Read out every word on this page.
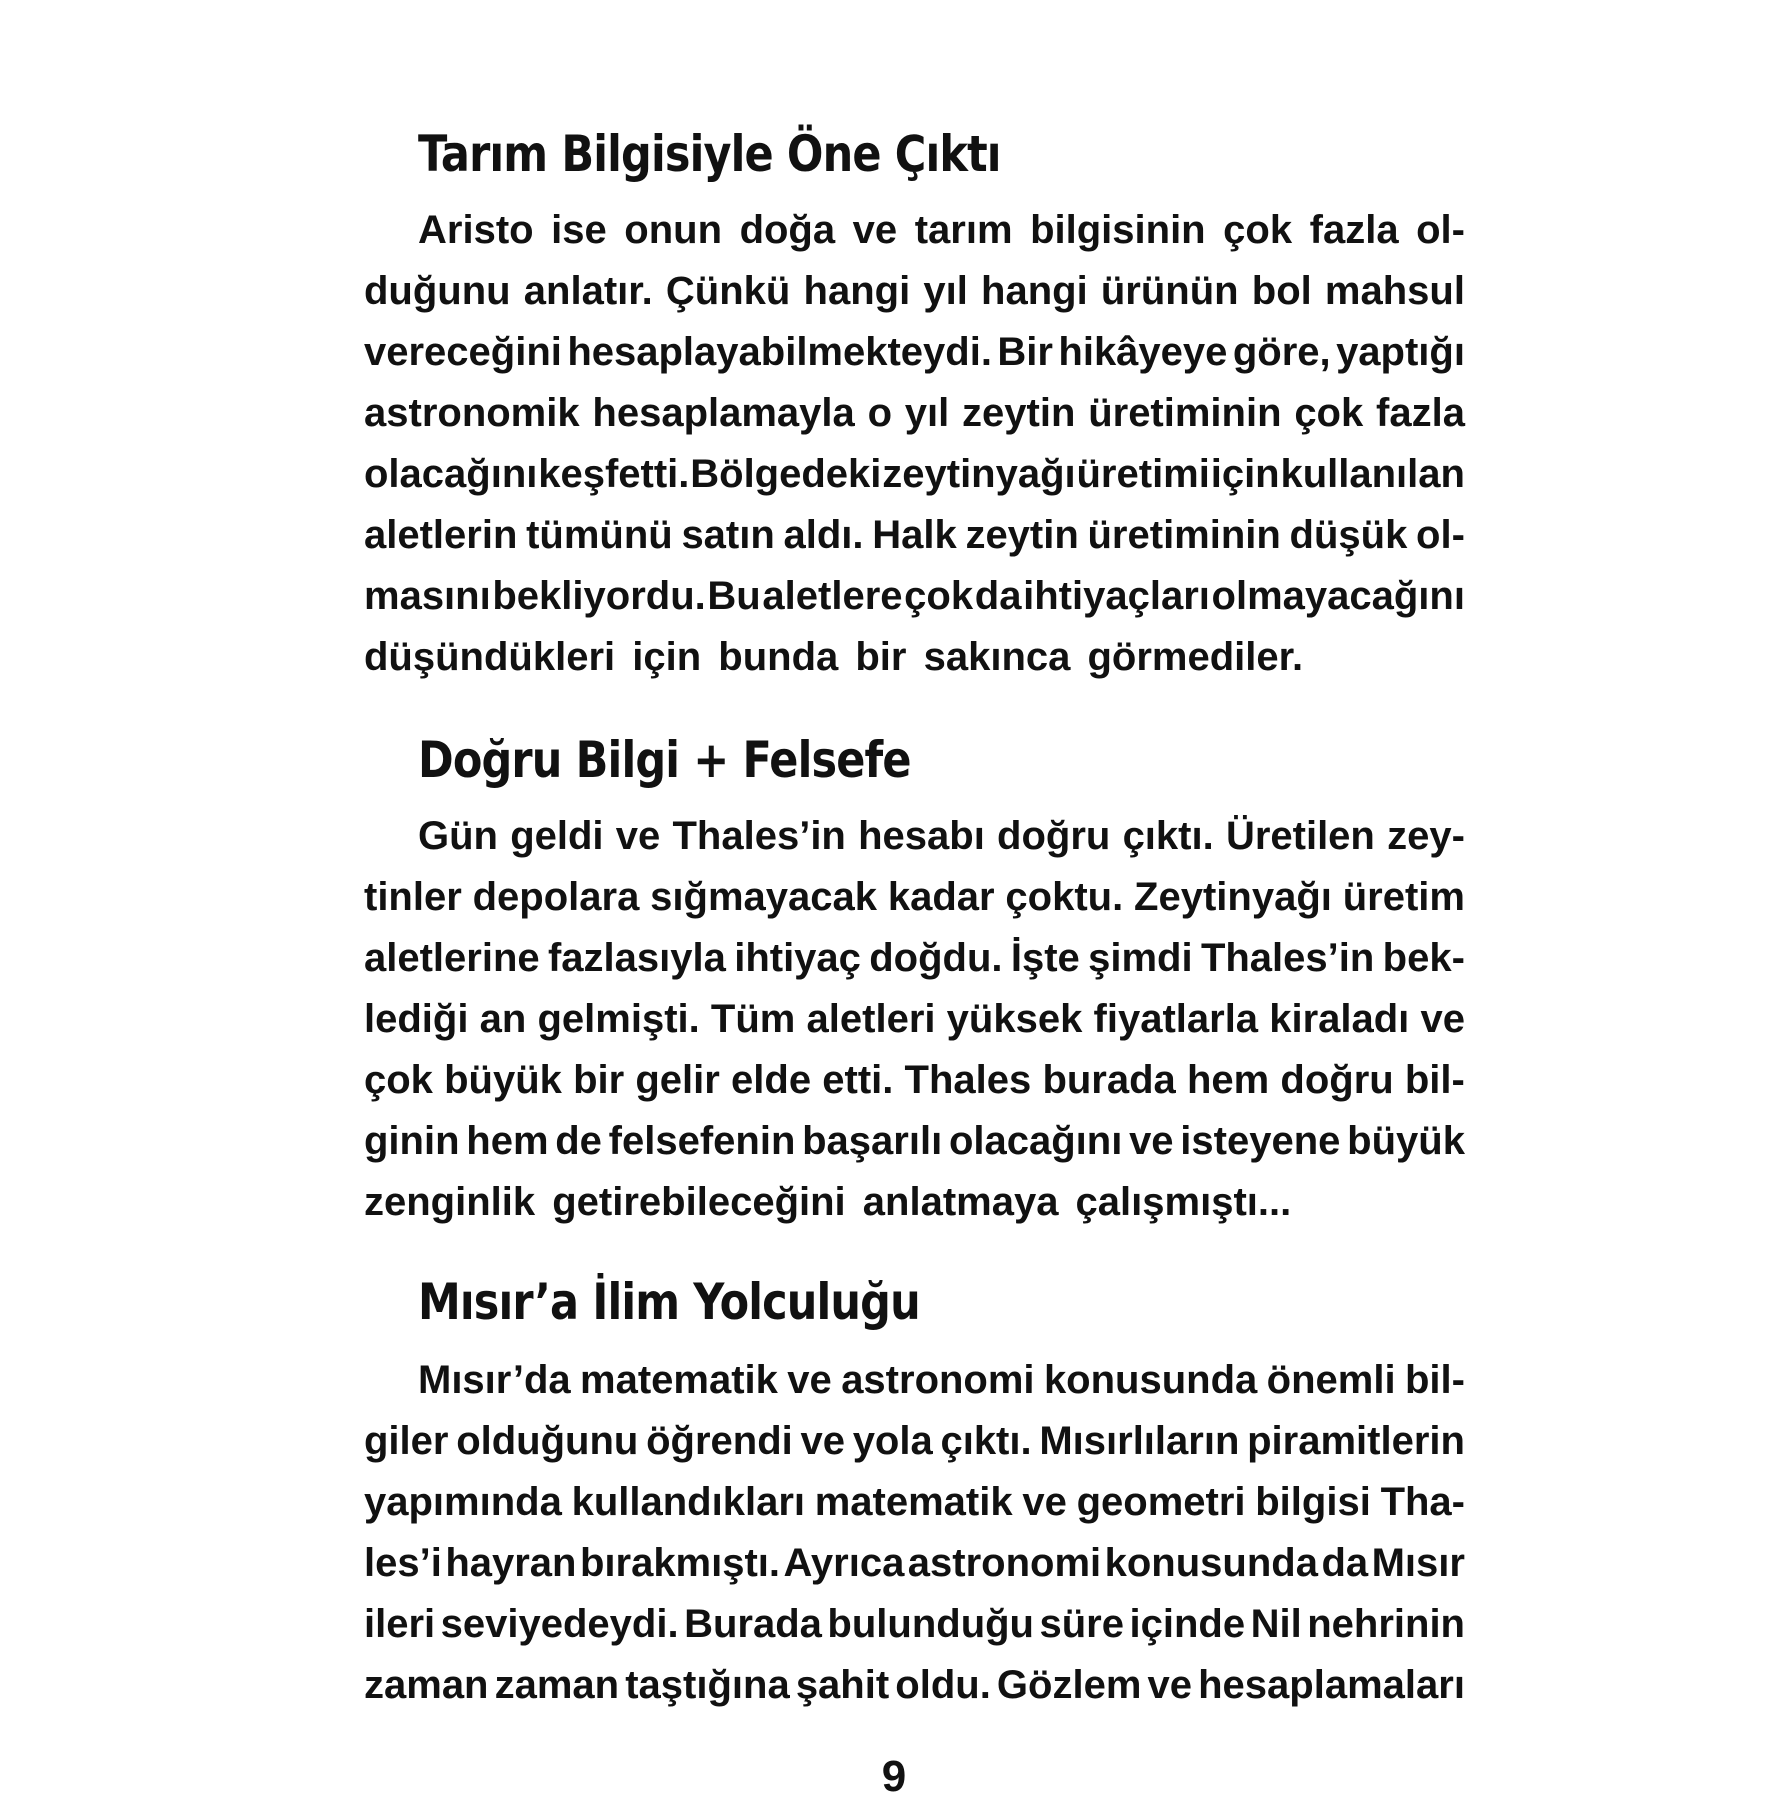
Tarım Bilgisiyle Öne Çıktı
Aristo ise onun doğa ve tarım bilgisinin çok fazla ol-
duğunu anlatır. Çünkü hangi yıl hangi ürünün bol mahsul
vereceğini hesaplayabilmekteydi. Bir hikâyeye göre, yaptığı
astronomik hesaplamayla o yıl zeytin üretiminin çok fazla
olacağını keşfetti. Bölgedeki zeytinyağı üretimi için kullanılan
aletlerin tümünü satın aldı. Halk zeytin üretiminin düşük ol-
masını bekliyordu. Bu aletlere çok da ihtiyaçları olmayacağını
düşündükleri için bunda bir sakınca görmediler.
Doğru Bilgi + Felsefe
Gün geldi ve Thales’in hesabı doğru çıktı. Üretilen zey-
tinler depolara sığmayacak kadar çoktu. Zeytinyağı üretim
aletlerine fazlasıyla ihtiyaç doğdu. İşte şimdi Thales’in bek-
lediği an gelmişti. Tüm aletleri yüksek fiyatlarla kiraladı ve
çok büyük bir gelir elde etti. Thales burada hem doğru bil-
ginin hem de felsefenin başarılı olacağını ve isteyene büyük
zenginlik getirebileceğini anlatmaya çalışmıştı...
Mısır’a İlim Yolculuğu
Mısır’da matematik ve astronomi konusunda önemli bil-
giler olduğunu öğrendi ve yola çıktı. Mısırlıların piramitlerin
yapımında kullandıkları matematik ve geometri bilgisi Tha-
les’i hayran bırakmıştı. Ayrıca astronomi konusunda da Mısır
ileri seviyedeydi. Burada bulunduğu süre içinde Nil nehrinin
zaman zaman taştığına şahit oldu. Gözlem ve hesaplamaları
9
